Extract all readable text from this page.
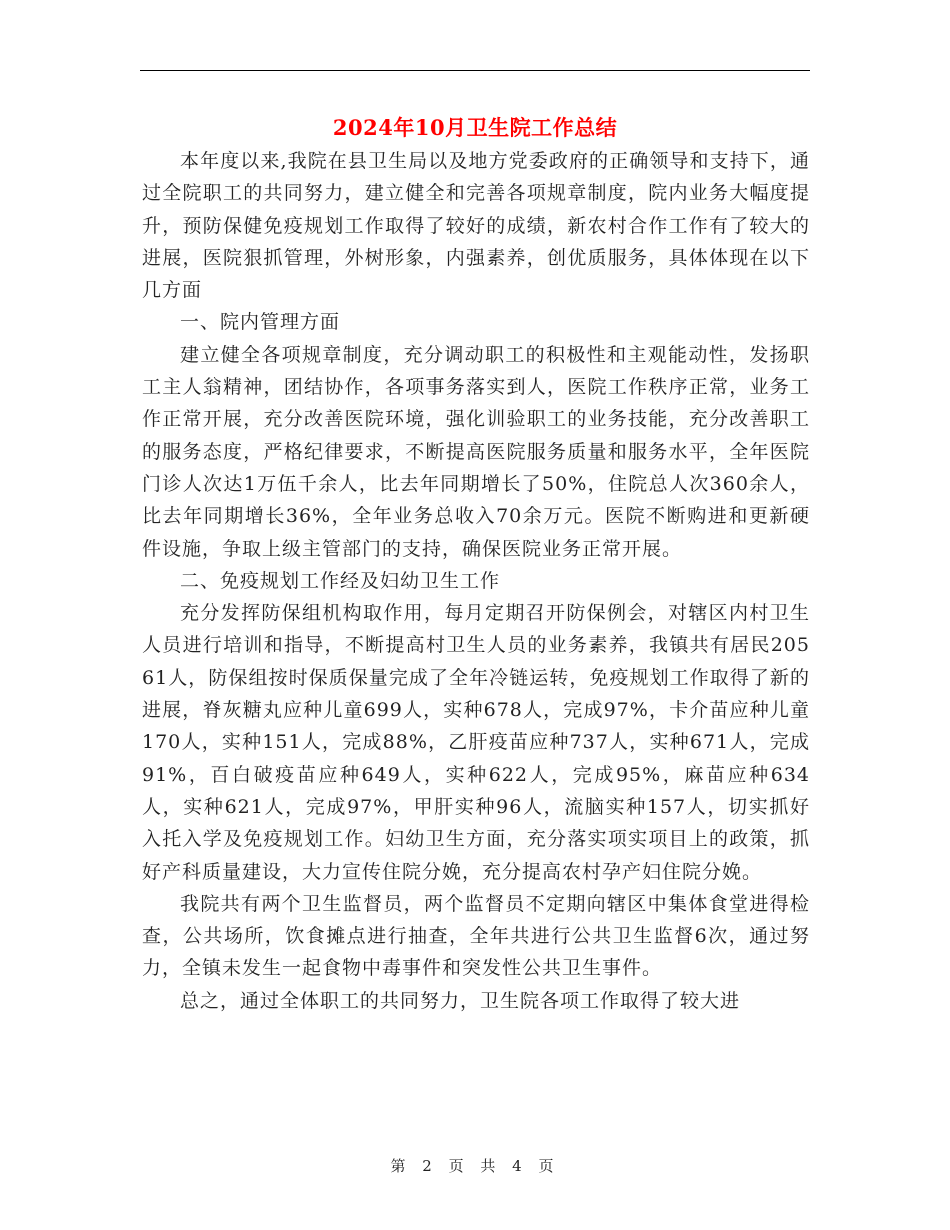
2024年10月卫生院工作总结

本年度以来,我院在县卫生局以及地方党委政府的正确领导和支持下，通过全院职工的共同努力，建立健全和完善各项规章制度，院内业务大幅度提升，预防保健免疫规划工作取得了较好的成绩，新农村合作工作有了较大的进展，医院狠抓管理，外树形象，内强素养，创优质服务，具体体现在以下几方面

一、院内管理方面

建立健全各项规章制度，充分调动职工的积极性和主观能动性，发扬职工主人翁精神，团结协作，各项事务落实到人，医院工作秩序正常，业务工作正常开展，充分改善医院环境，强化训验职工的业务技能，充分改善职工的服务态度，严格纪律要求，不断提高医院服务质量和服务水平，全年医院门诊人次达1万伍千余人，比去年同期增长了50%，住院总人次360余人，比去年同期增长36%，全年业务总收入70余万元。医院不断购进和更新硬件设施，争取上级主管部门的支持，确保医院业务正常开展。

二、免疫规划工作经及妇幼卫生工作

充分发挥防保组机构取作用，每月定期召开防保例会，对辖区内村卫生人员进行培训和指导，不断提高村卫生人员的业务素养，我镇共有居民20561人，防保组按时保质保量完成了全年冷链运转，免疫规划工作取得了新的进展，脊灰糖丸应种儿童699人，实种678人，完成97%，卡介苗应种儿童170人，实种151人，完成88%，乙肝疫苗应种737人，实种671人，完成91%，百白破疫苗应种649人，实种622人，完成95%，麻苗应种634人，实种621人，完成97%，甲肝实种96人，流脑实种157人，切实抓好入托入学及免疫规划工作。妇幼卫生方面，充分落实项实项目上的政策，抓好产科质量建设，大力宣传住院分娩，充分提高农村孕产妇住院分娩。

我院共有两个卫生监督员，两个监督员不定期向辖区中集体食堂进得检查，公共场所，饮食摊点进行抽查，全年共进行公共卫生监督6次，通过努力，全镇未发生一起食物中毒事件和突发性公共卫生事件。

总之，通过全体职工的共同努力，卫生院各项工作取得了较大进

第 2 页 共 4 页
